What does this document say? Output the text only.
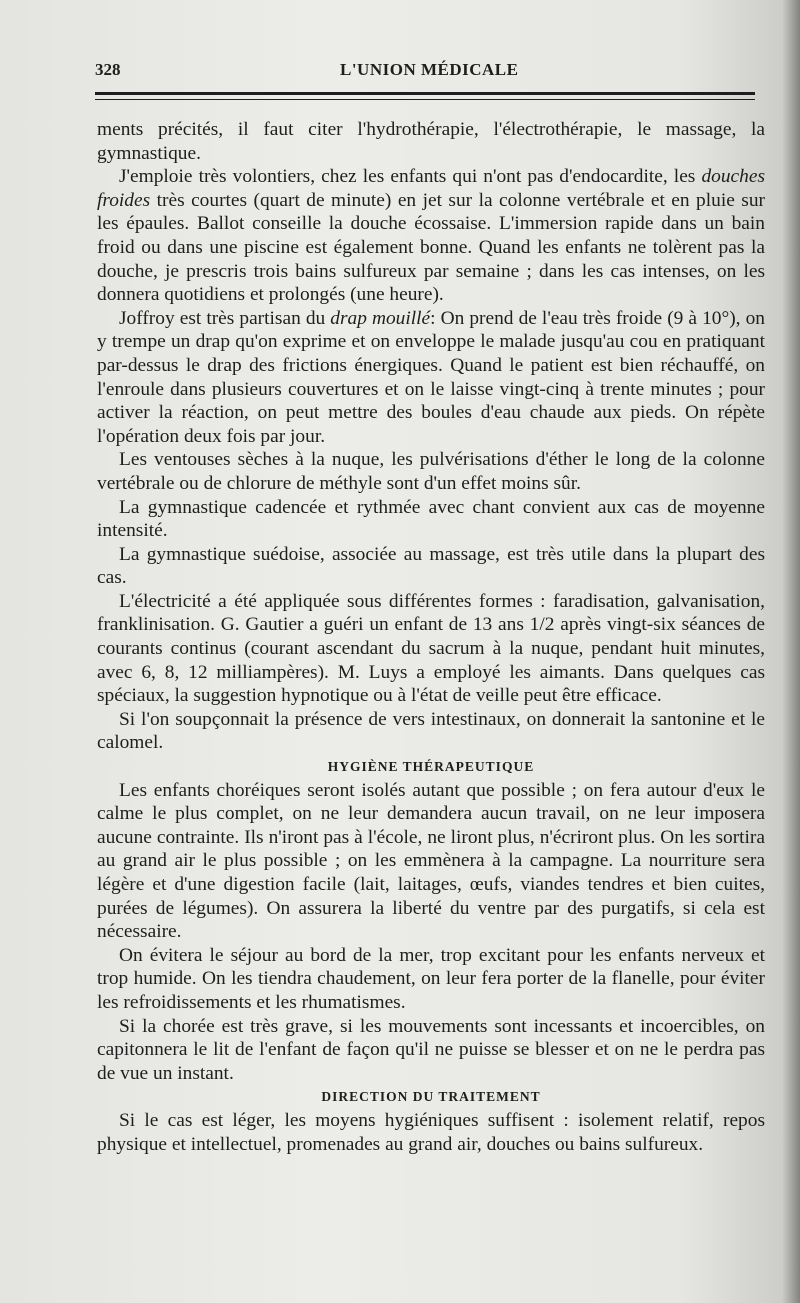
328	L'UNION MÉDICALE

ments précités, il faut citer l'hydrothérapie, l'électrothérapie, le massage, la gymnastique.

J'emploie très volontiers, chez les enfants qui n'ont pas d'endocardite, les douches froides très courtes (quart de minute) en jet sur la colonne vertébrale et en pluie sur les épaules. Ballot conseille la douche écossaise. L'immersion rapide dans un bain froid ou dans une piscine est également bonne. Quand les enfants ne tolèrent pas la douche, je prescris trois bains sulfureux par semaine ; dans les cas intenses, on les donnera quotidiens et prolongés (une heure).

Joffroy est très partisan du drap mouillé: On prend de l'eau très froide (9 à 10°), on y trempe un drap qu'on exprime et on enveloppe le malade jusqu'au cou en pratiquant par-dessus le drap des frictions énergiques. Quand le patient est bien réchauffé, on l'enroule dans plusieurs couvertures et on le laisse vingt-cinq à trente minutes ; pour activer la réaction, on peut mettre des boules d'eau chaude aux pieds. On répète l'opération deux fois par jour.

Les ventouses sèches à la nuque, les pulvérisations d'éther le long de la colonne vertébrale ou de chlorure de méthyle sont d'un effet moins sûr.

La gymnastique cadencée et rythmée avec chant convient aux cas de moyenne intensité.

La gymnastique suédoise, associée au massage, est très utile dans la plupart des cas.

L'électricité a été appliquée sous différentes formes : faradisation, galvanisation, franklinisation. G. Gautier a guéri un enfant de 13 ans 1/2 après vingt-six séances de courants continus (courant ascendant du sacrum à la nuque, pendant huit minutes, avec 6, 8, 12 milliampères). M. Luys a employé les aimants. Dans quelques cas spéciaux, la suggestion hypnotique ou à l'état de veille peut être efficace.

Si l'on soupçonnait la présence de vers intestinaux, on donnerait la santonine et le calomel.

HYGIÈNE THÉRAPEUTIQUE

Les enfants choréiques seront isolés autant que possible ; on fera autour d'eux le calme le plus complet, on ne leur demandera aucun travail, on ne leur imposera aucune contrainte. Ils n'iront pas à l'école, ne liront plus, n'écriront plus. On les sortira au grand air le plus possible ; on les emmènera à la campagne. La nourriture sera légère et d'une digestion facile (lait, laitages, œufs, viandes tendres et bien cuites, purées de légumes). On assurera la liberté du ventre par des purgatifs, si cela est nécessaire.

On évitera le séjour au bord de la mer, trop excitant pour les enfants nerveux et trop humide. On les tiendra chaudement, on leur fera porter de la flanelle, pour éviter les refroidissements et les rhumatismes.

Si la chorée est très grave, si les mouvements sont incessants et incoercibles, on capitonnera le lit de l'enfant de façon qu'il ne puisse se blesser et on ne le perdra pas de vue un instant.

DIRECTION DU TRAITEMENT

Si le cas est léger, les moyens hygiéniques suffisent : isolement relatif, repos physique et intellectuel, promenades au grand air, douches ou bains sulfureux.
